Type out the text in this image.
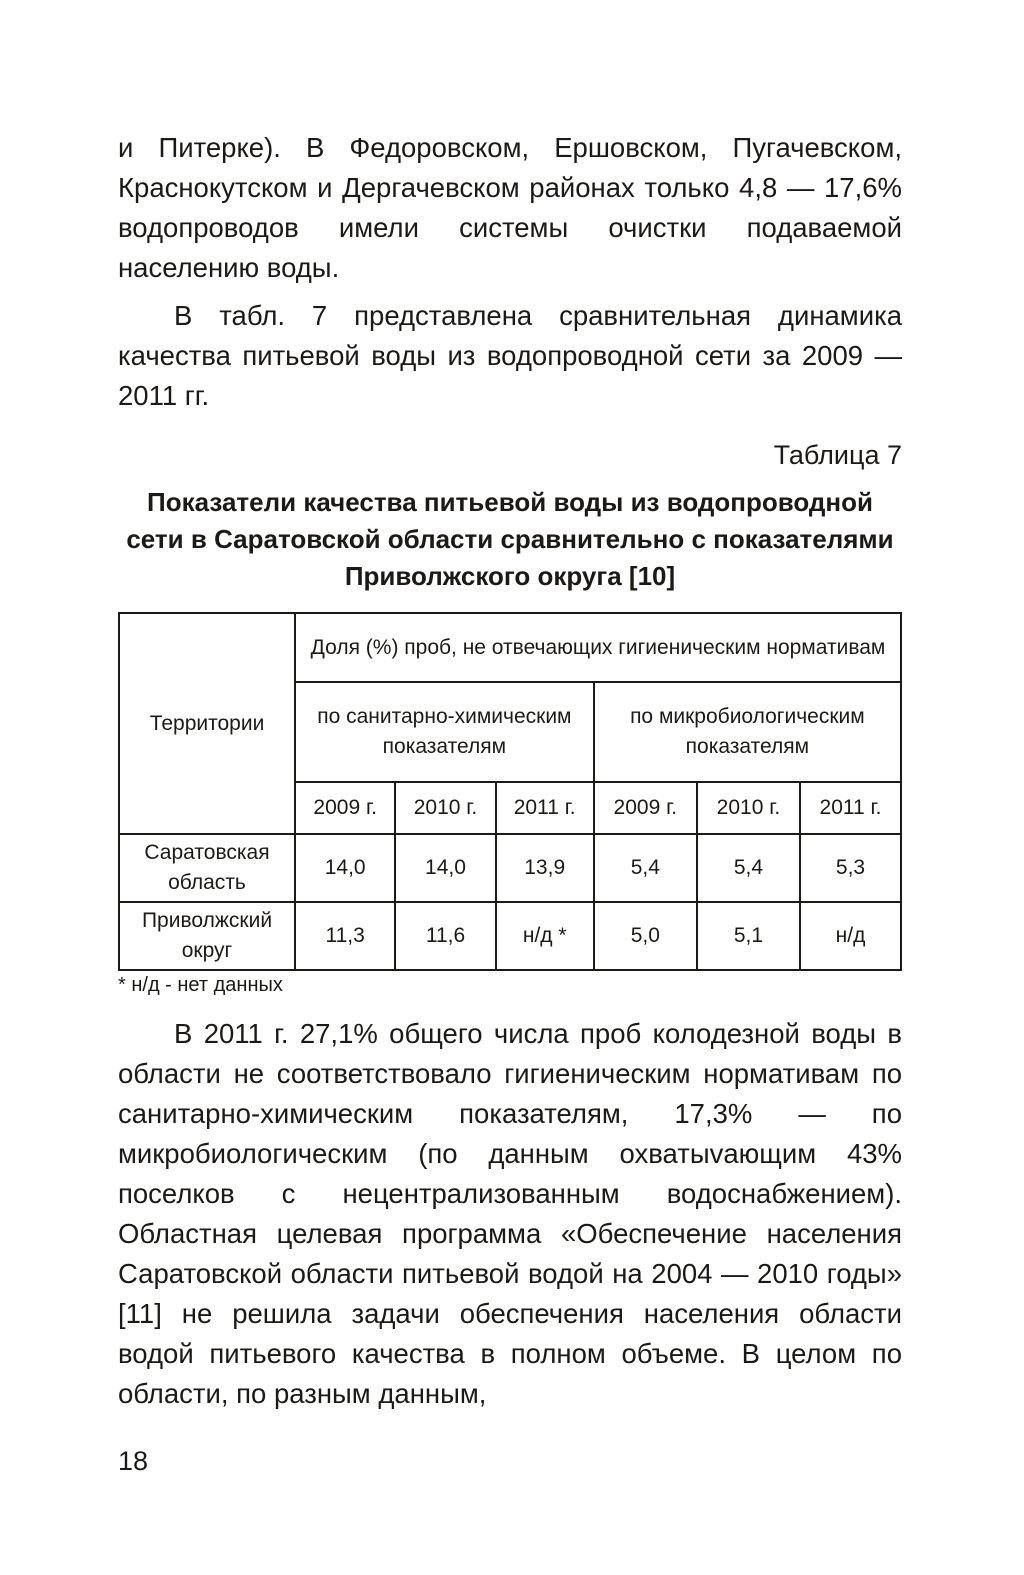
и Питерке). В Федоровском, Ершовском, Пугачевском, Краснокутском и Дергачевском районах только 4,8 — 17,6% водопроводов имели системы очистки подаваемой населению воды.

В табл. 7 представлена сравнительная динамика качества питьевой воды из водопроводной сети за 2009 — 2011 гг.

Таблица 7
Показатели качества питьевой воды из водопроводной сети в Саратовской области сравнительно с показателями Приволжского округа [10]
Территории	Доля (%) проб, не отвечающих гигиеническим нормативам					
	по санитарно-химическим показателям			по микробиологическим показателям		
	2009 г.	2010 г.	2011 г.	2009 г.	2010 г.	2011 г.
Саратовская область	14,0	14,0	13,9	5,4	5,4	5,3
Приволжский округ	11,3	11,6	н/д *	5,0	5,1	н/д
* н/д - нет данных

В 2011 г. 27,1% общего числа проб колодезной воды в области не соответствовало гигиеническим нормативам по санитарно-химическим показателям, 17,3% — по микробиологическим (по данным охватыvающим 43% поселков с нецентрализованным водоснабжением). Областная целевая программа «Обеспечение населения Саратовской области питьевой водой на 2004 — 2010 годы» [11] не решила задачи обеспечения населения области водой питьевого качества в полном объеме. В целом по области, по разным данным,

18
